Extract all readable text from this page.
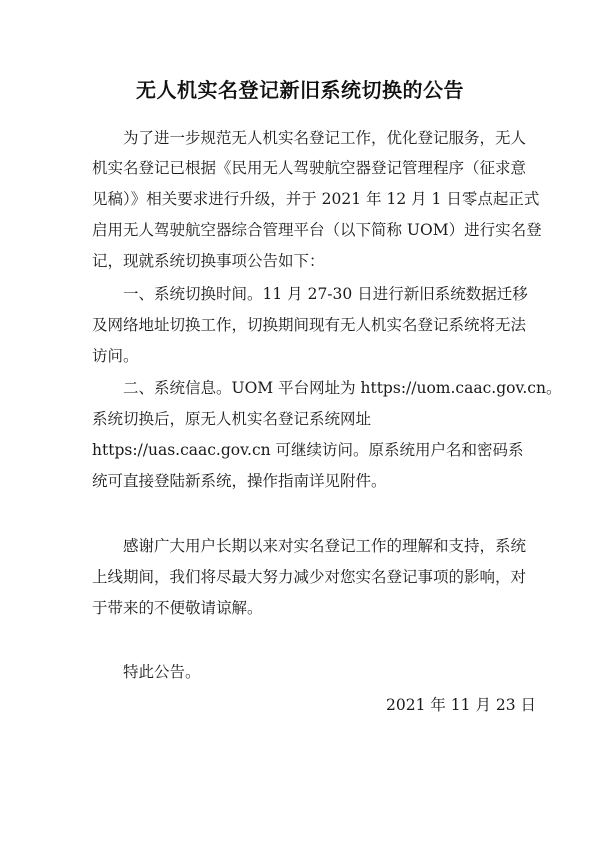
无人机实名登记新旧系统切换的公告
　　为了进一步规范无人机实名登记工作，优化登记服务，无人
机实名登记已根据《民用无人驾驶航空器登记管理程序（征求意
见稿）》相关要求进行升级，并于 2021 年 12 月 1 日零点起正式
启用无人驾驶航空器综合管理平台（以下简称 UOM）进行实名登
记，现就系统切换事项公告如下：
　　一、系统切换时间。11 月 27-30 日进行新旧系统数据迁移
及网络地址切换工作，切换期间现有无人机实名登记系统将无法
访问。
　　二、系统信息。UOM 平台网址为 https://uom.caac.gov.cn。
系统切换后，原无人机实名登记系统网址
https://uas.caac.gov.cn 可继续访问。原系统用户名和密码系
统可直接登陆新系统，操作指南详见附件。
　　感谢广大用户长期以来对实名登记工作的理解和支持，系统
上线期间，我们将尽最大努力减少对您实名登记事项的影响，对
于带来的不便敬请谅解。
　　特此公告。
2021 年 11 月 23 日
